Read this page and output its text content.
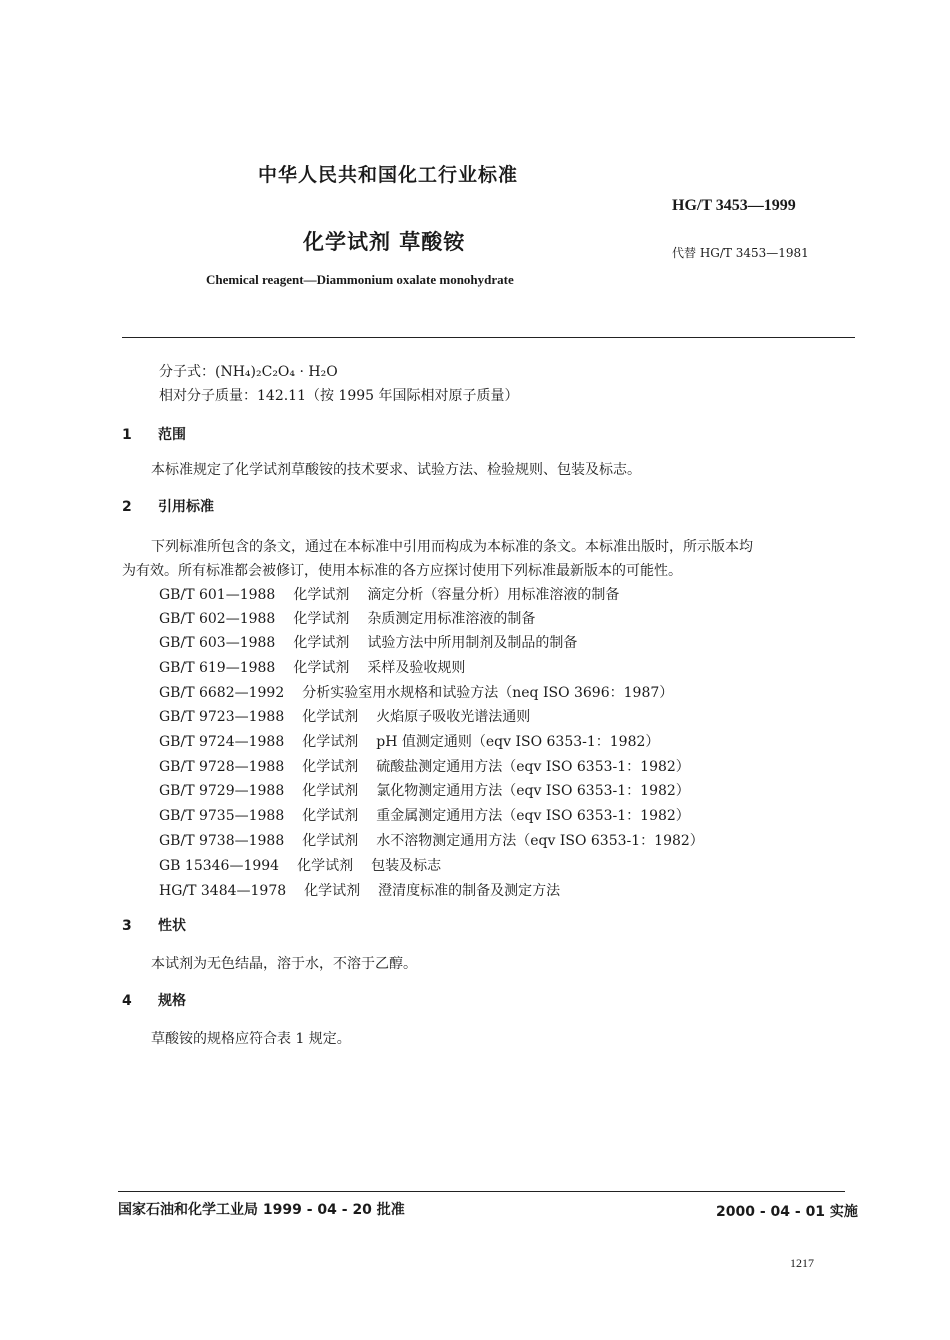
中华人民共和国化工行业标准
HG/T 3453—1999
化学试剂 草酸铵	代替 HG/T 3453—1981
Chemical reagent—Diammonium oxalate monohydrate
分子式：(NH₄)₂C₂O₄ · H₂O
相对分子质量：142.11（按 1995 年国际相对原子质量）
1 范围
本标准规定了化学试剂草酸铵的技术要求、试验方法、检验规则、包装及标志。
2 引用标准
下列标准所包含的条文，通过在本标准中引用而构成为本标准的条文。本标准出版时，所示版本均
为有效。所有标准都会被修订，使用本标准的各方应探讨使用下列标准最新版本的可能性。
GB/T 601—1988 化学试剂 滴定分析（容量分析）用标准溶液的制备
GB/T 602—1988 化学试剂 杂质测定用标准溶液的制备
GB/T 603—1988 化学试剂 试验方法中所用制剂及制品的制备
GB/T 619—1988 化学试剂 采样及验收规则
GB/T 6682—1992 分析实验室用水规格和试验方法（neq ISO 3696：1987）
GB/T 9723—1988 化学试剂 火焰原子吸收光谱法通则
GB/T 9724—1988 化学试剂 pH 值测定通则（eqv ISO 6353-1：1982）
GB/T 9728—1988 化学试剂 硫酸盐测定通用方法（eqv ISO 6353-1：1982）
GB/T 9729—1988 化学试剂 氯化物测定通用方法（eqv ISO 6353-1：1982）
GB/T 9735—1988 化学试剂 重金属测定通用方法（eqv ISO 6353-1：1982）
GB/T 9738—1988 化学试剂 水不溶物测定通用方法（eqv ISO 6353-1：1982）
GB 15346—1994 化学试剂 包装及标志
HG/T 3484—1978 化学试剂 澄清度标准的制备及测定方法
3 性状
本试剂为无色结晶，溶于水，不溶于乙醇。
4 规格
草酸铵的规格应符合表 1 规定。
国家石油和化学工业局 1999 - 04 - 20 批准	2000 - 04 - 01 实施
1217
